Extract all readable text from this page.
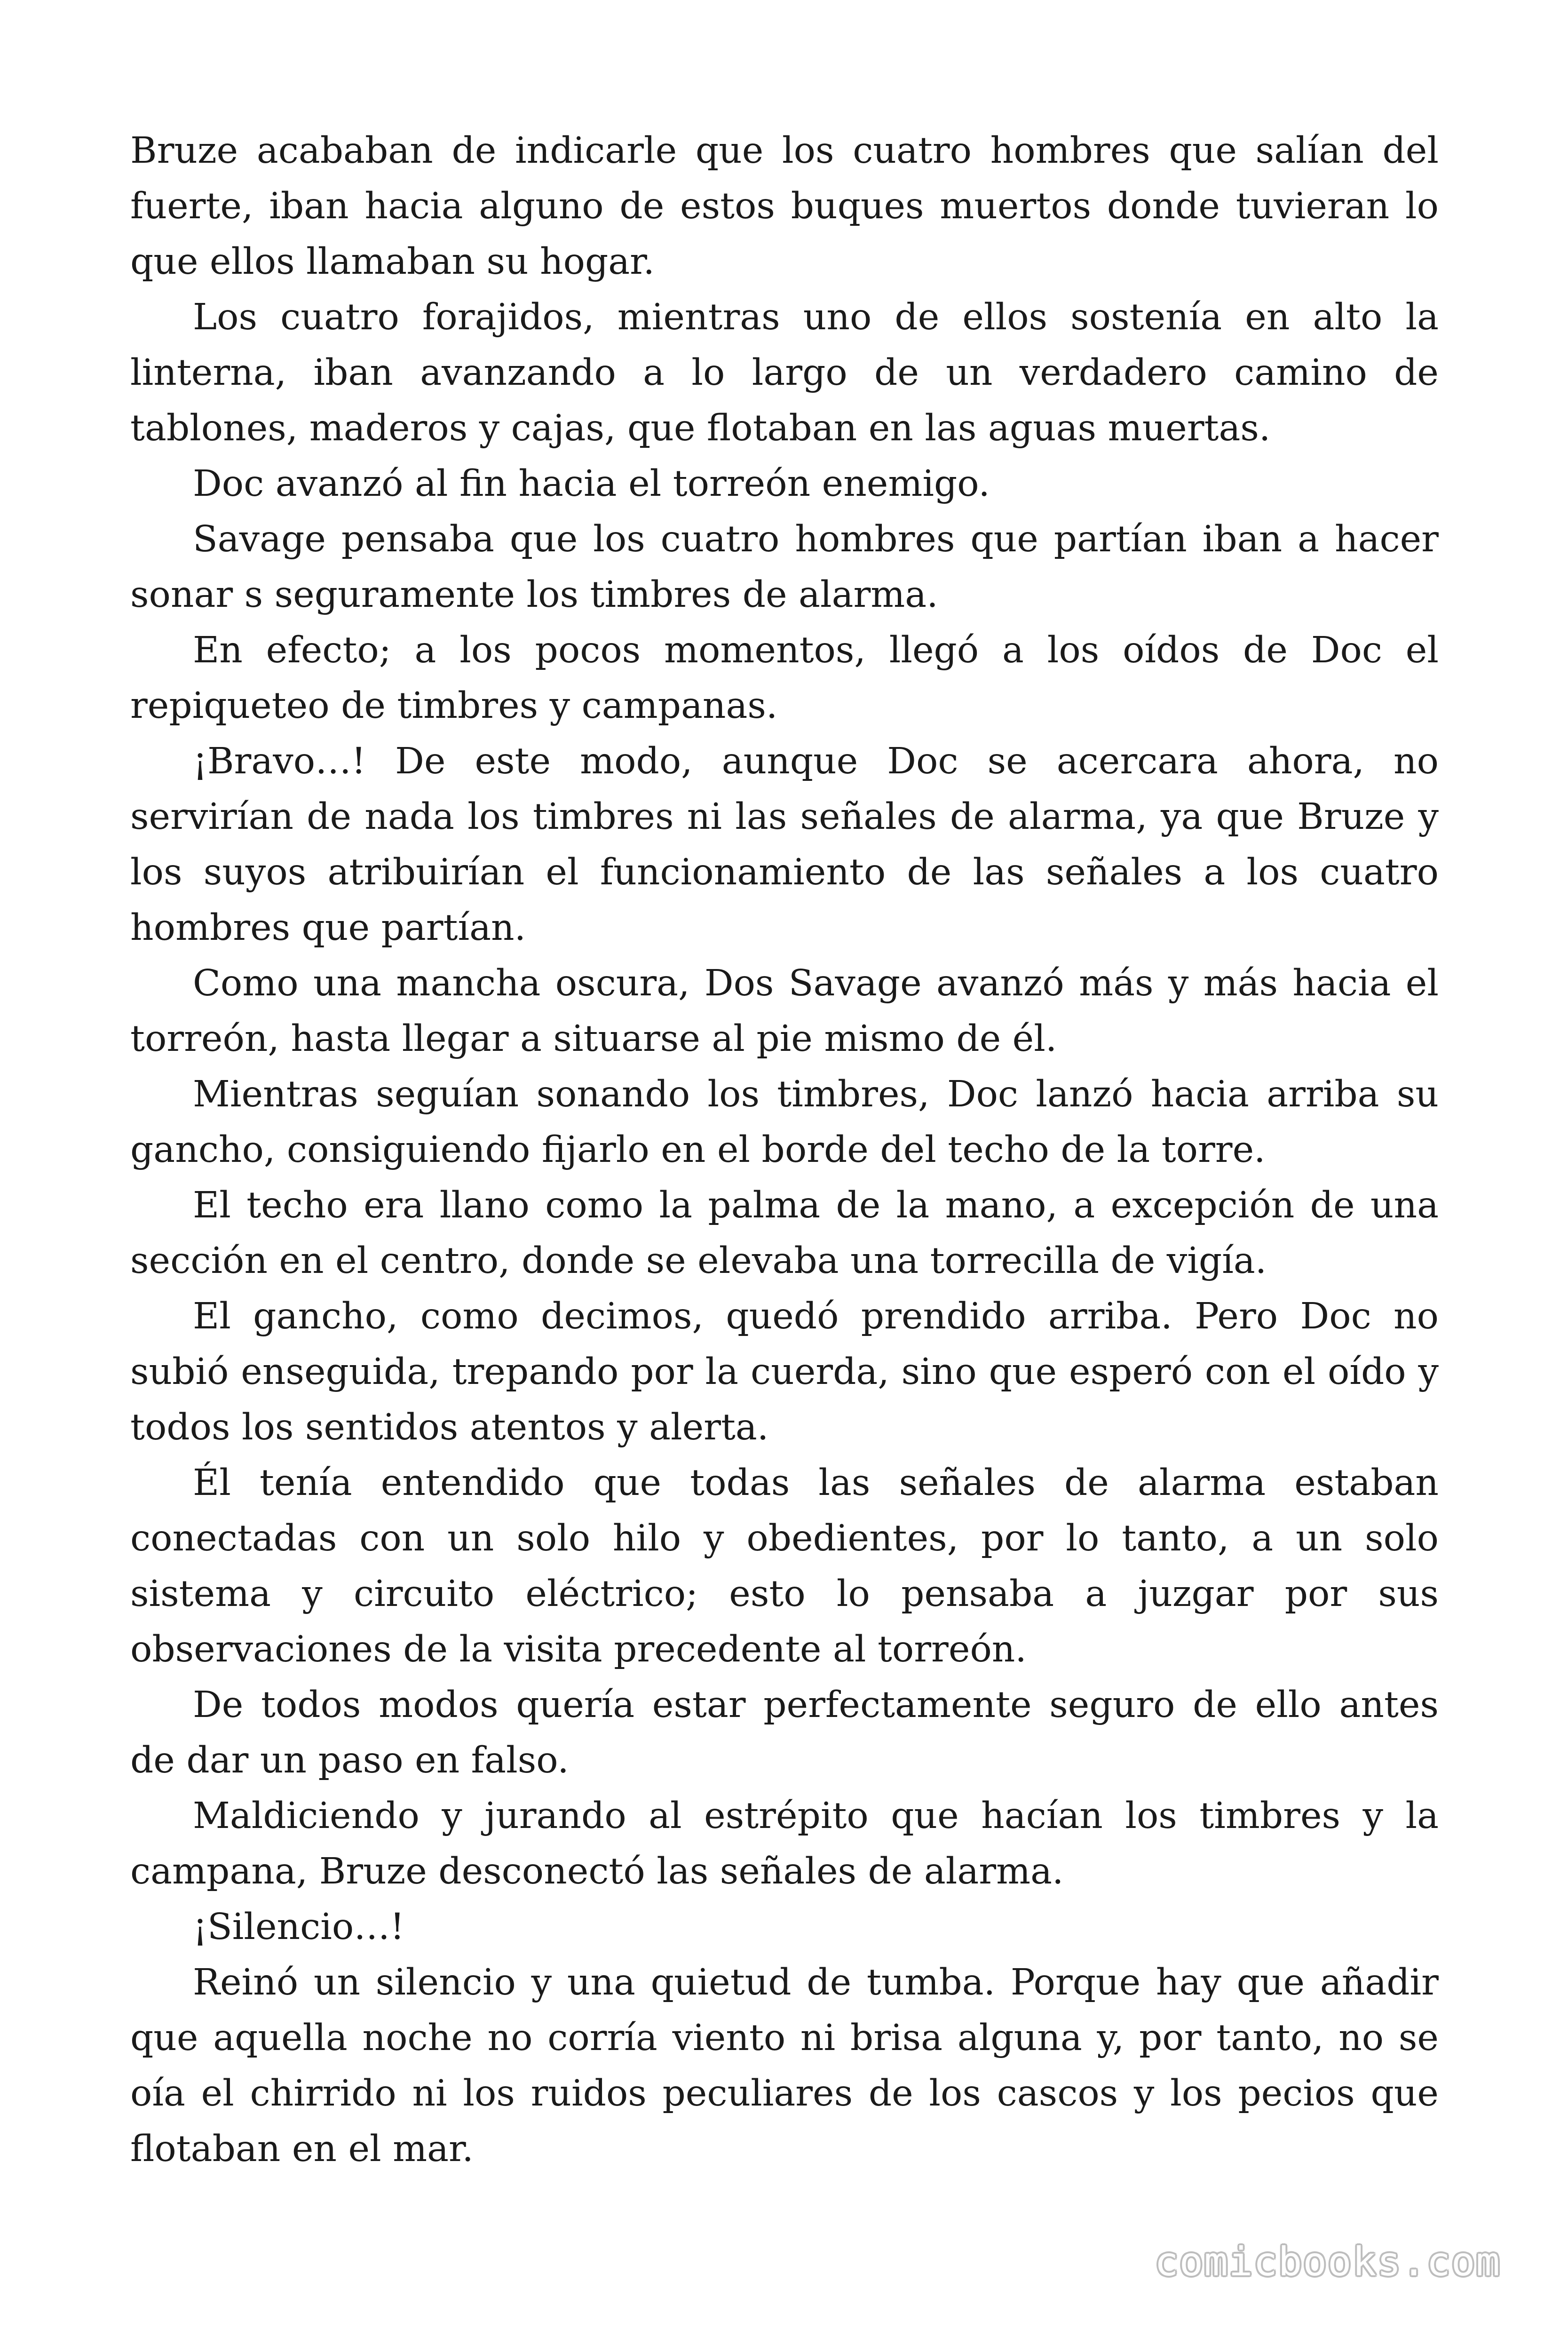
Bruze acababan de indicarle que los cuatro hombres que salían del fuerte, iban hacia alguno de estos buques muertos donde tuvieran lo que ellos llamaban su hogar.

Los cuatro forajidos, mientras uno de ellos sostenía en alto la linterna, iban avanzando a lo largo de un verdadero camino de tablones, maderos y cajas, que flotaban en las aguas muertas.

Doc avanzó al fin hacia el torreón enemigo.

Savage pensaba que los cuatro hombres que partían iban a hacer sonar s seguramente los timbres de alarma.

En efecto; a los pocos momentos, llegó a los oídos de Doc el repiqueteo de timbres y campanas.

¡Bravo…! De este modo, aunque Doc se acercara ahora, no servirían de nada los timbres ni las señales de alarma, ya que Bruze y los suyos atribuirían el funcionamiento de las señales a los cuatro hombres que partían.

Como una mancha oscura, Dos Savage avanzó más y más hacia el torreón, hasta llegar a situarse al pie mismo de él.

Mientras seguían sonando los timbres, Doc lanzó hacia arriba su gancho, consiguiendo fijarlo en el borde del techo de la torre.

El techo era llano como la palma de la mano, a excepción de una sección en el centro, donde se elevaba una torrecilla de vigía.

El gancho, como decimos, quedó prendido arriba. Pero Doc no subió enseguida, trepando por la cuerda, sino que esperó con el oído y todos los sentidos atentos y alerta.

Él tenía entendido que todas las señales de alarma estaban conectadas con un solo hilo y obedientes, por lo tanto, a un solo sistema y circuito eléctrico; esto lo pensaba a juzgar por sus observaciones de la visita precedente al torreón.

De todos modos quería estar perfectamente seguro de ello antes de dar un paso en falso.

Maldiciendo y jurando al estrépito que hacían los timbres y la campana, Bruze desconectó las señales de alarma.

¡Silencio…!

Reinó un silencio y una quietud de tumba. Porque hay que añadir que aquella noche no corría viento ni brisa alguna y, por tanto, no se oía el chirrido ni los ruidos peculiares de los cascos y los pecios que flotaban en el mar.

comicbooks.com
